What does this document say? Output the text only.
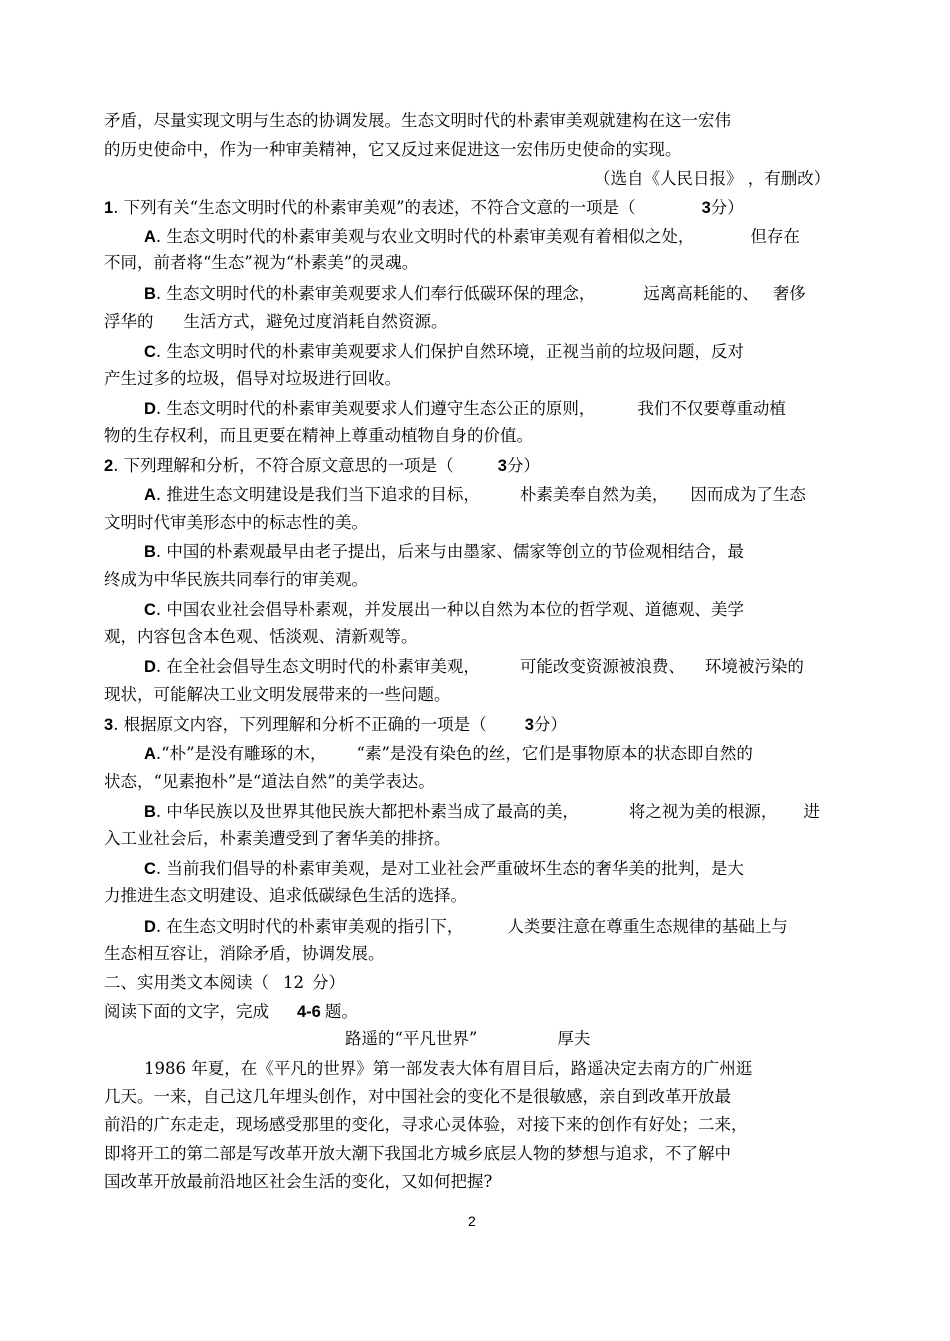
矛盾，尽量实现文明与生态的协调发展。生态文明时代的朴素审美观就建构在这一宏伟
的历史使命中，作为一种审美精神，它又反过来促进这一宏伟历史使命的实现。
（选自《人民日报》 ，有删改）
1. 下列有关“生态文明时代的朴素审美观”的表述，不符合文意的一项是（	3分）
A. 生态文明时代的朴素审美观与农业文明时代的朴素审美观有着相似之处，	但存在
不同，前者将“生态”视为“朴素美”的灵魂。
B. 生态文明时代的朴素审美观要求人们奉行低碳环保的理念，	远离高耗能的、 奢侈
浮华的 生活方式，避免过度消耗自然资源。
C. 生态文明时代的朴素审美观要求人们保护自然环境，正视当前的垃圾问题，反对
产生过多的垃圾，倡导对垃圾进行回收。
D. 生态文明时代的朴素审美观要求人们遵守生态公正的原则，	我们不仅要尊重动植
物的生存权利，而且更要在精神上尊重动植物自身的价值。
2. 下列理解和分析，不符合原文意思的一项是（	3分）
A. 推进生态文明建设是我们当下追求的目标， 朴素美奉自然为美， 因而成为了生态
文明时代审美形态中的标志性的美。
B. 中国的朴素观最早由老子提出，后来与由墨家、儒家等创立的节俭观相结合，最
终成为中华民族共同奉行的审美观。
C. 中国农业社会倡导朴素观，并发展出一种以自然为本位的哲学观、道德观、美学
观，内容包含本色观、恬淡观、清新观等。
D. 在全社会倡导生态文明时代的朴素审美观， 可能改变资源被浪费、 环境被污染的
现状，可能解决工业文明发展带来的一些问题。
3. 根据原文内容，下列理解和分析不正确的一项是（ 3分）
A.“朴”是没有雕琢的木， “素”是没有染色的丝，它们是事物原本的状态即自然的
状态，“见素抱朴”是“道法自然”的美学表达。
B. 中华民族以及世界其他民族大都把朴素当成了最高的美，	将之视为美的根源， 进
入工业社会后，朴素美遭受到了奢华美的排挤。
C. 当前我们倡导的朴素审美观，是对工业社会严重破坏生态的奢华美的批判，是大
力推进生态文明建设、追求低碳绿色生活的选择。
D. 在生态文明时代的朴素审美观的指引下，	人类要注意在尊重生态规律的基础上与
生态相互容让，消除矛盾，协调发展。
二、实用类文本阅读（ 12 分）
阅读下面的文字，完成 4-6 题。
路遥的“平凡世界”	厚夫
1986 年夏，在《平凡的世界》第一部发表大体有眉目后，路遥决定去南方的广州逛
几天。一来，自己这几年埋头创作，对中国社会的变化不是很敏感，亲自到改革开放最
前沿的广东走走，现场感受那里的变化，寻求心灵体验，对接下来的创作有好处；二来，
即将开工的第二部是写改革开放大潮下我国北方城乡底层人物的梦想与追求，不了解中
国改革开放最前沿地区社会生活的变化，又如何把握?
2
